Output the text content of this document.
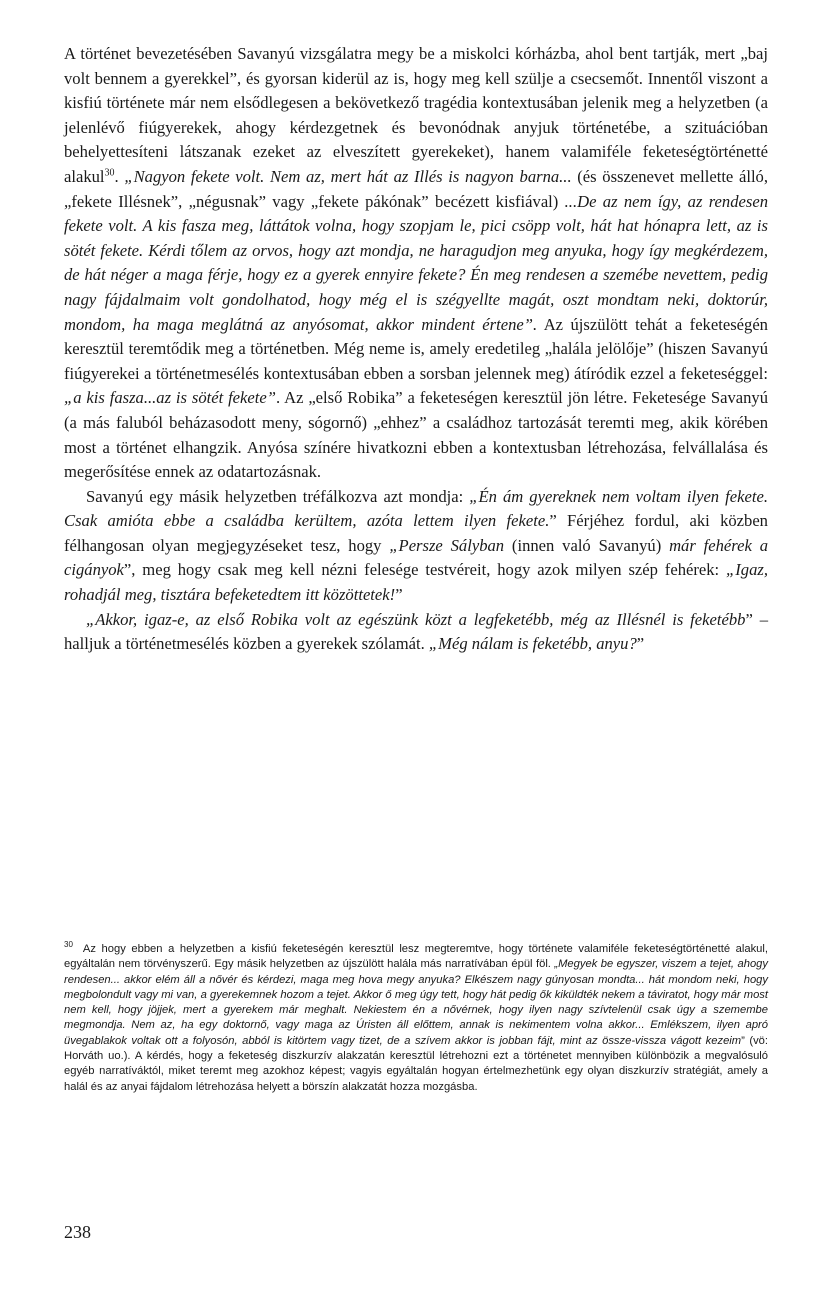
A történet bevezetésében Savanyú vizsgálatra megy be a miskolci kórházba, ahol bent tartják, mert „baj volt bennem a gyerekkel”, és gyorsan kiderül az is, hogy meg kell szülje a csecsemőt. Innentől viszont a kisfiú története már nem elsődlegesen a bekövetkező tragédia kontextusában jelenik meg a helyzetben (a jelenlévő fiúgyerekek, ahogy kérdezgetnek és bevonódnak anyjuk történetébe, a szituációban behelyettesíteni látszanak ezeket az elveszített gyerekeket), hanem valamiféle feketeségtörténetté alakul$^{30}$. „Nagyon fekete volt. Nem az, mert hát az Illés is nagyon barna... (és összenevet mellette álló, „fekete Illésnek”, „négusnak” vagy „fekete pákónak” becézett kisfiával) ...De az nem így, az rendesen fekete volt. A kis fasza meg, láttátok volna, hogy szopjam le, pici csöpp volt, hát hat hónapra lett, az is sötét fekete. Kérdi tőlem az orvos, hogy azt mondja, ne haragudjon meg anyuka, hogy így megkérdezem, de hát néger a maga férje, hogy ez a gyerek ennyire fekete? Én meg rendesen a szemébe nevettem, pedig nagy fájdalmaim volt gondolhatod, hogy még el is szégyellte magát, oszt mondtam neki, doktorúr, mondom, ha maga meglátná az anyósomat, akkor mindent értene”. Az újszülött tehát a feketeségén keresztül teremtődik meg a történetben. Még neme is, amely eredetileg „halála jelölője” (hiszen Savanyú fiúgyerekei a történetmesélés kontextusában ebben a sorsban jelennek meg) átíródik ezzel a feketeséggel: „a kis fasza...az is sötét fekete”. Az „első Robika” a feketeségen keresztül jön létre. Feketesége Savanyú (a más faluból beházasodott meny, sógornő) „ehhez” a családhoz tartozását teremti meg, akik körében most a történet elhangzik. Anyósa színére hivatkozni ebben a kontextusban létrehozása, felvállalása és megerősítése ennek az odatartozásnak.

Savanyú egy másik helyzetben tréfálkozva azt mondja: „Én ám gyereknek nem voltam ilyen fekete. Csak amióta ebbe a családba kerültem, azóta lettem ilyen fekete.” Férjéhez fordul, aki közben félhangosan olyan megjegyzéseket tesz, hogy „Persze Sályban (innen való Savanyú) már fehérek a cigányok”, meg hogy csak meg kell nézni felesége testvéreit, hogy azok milyen szép fehérek: „Igaz, rohadjál meg, tisztára befeketedtem itt közöttetek!”

„Akkor, igaz-e, az első Robika volt az egészünk közt a legfeketébb, még az Illésnél is feketébb” – halljuk a történetmesélés közben a gyerekek szólamát. „Még nálam is feketébb, anyu?”

$^{30}$ Az hogy ebben a helyzetben a kisfiú feketeségén keresztül lesz megteremtve, hogy története valamiféle feketeségtörténetté alakul, egyáltalán nem törvényszerű. Egy másik helyzetben az újszülött halála más narratívában épül föl. „Megyek be egyszer, viszem a tejet, ahogy rendesen... akkor elém áll a nővér és kérdezi, maga meg hova megy anyuka? Elkészem nagy gúnyosan mondta... hát mondom neki, hogy megbolondult vagy mi van, a gyerekemnek hozom a tejet. Akkor ő meg úgy tett, hogy hát pedig ők kiküldték nekem a táviratot, hogy már most nem kell, hogy jöjjek, mert a gyerekem már meghalt. Nekiestem én a nővérnek, hogy ilyen nagy szívtelenül csak úgy a szemembe megmondja. Nem az, ha egy doktornő, vagy maga az Úristen áll előttem, annak is nekimentem volna akkor... Emlékszem, ilyen apró üvegablakok voltak ott a folyosón, abból is kitörtem vagy tizet, de a szívem akkor is jobban fájt, mint az össze-vissza vágott kezeim” (vö: Horváth uo.). A kérdés, hogy a feketeség diszkurzív alakzatán keresztül létrehozni ezt a történetet mennyiben különbözik a megvalósuló egyéb narratíváktól, miket teremt meg azokhoz képest; vagyis egyáltalán hogyan értelmezhetünk egy olyan diszkurzív stratégiát, amely a halál és az anyai fájdalom létrehozása helyett a börszín alakzatát hozza mozgásba.

238
